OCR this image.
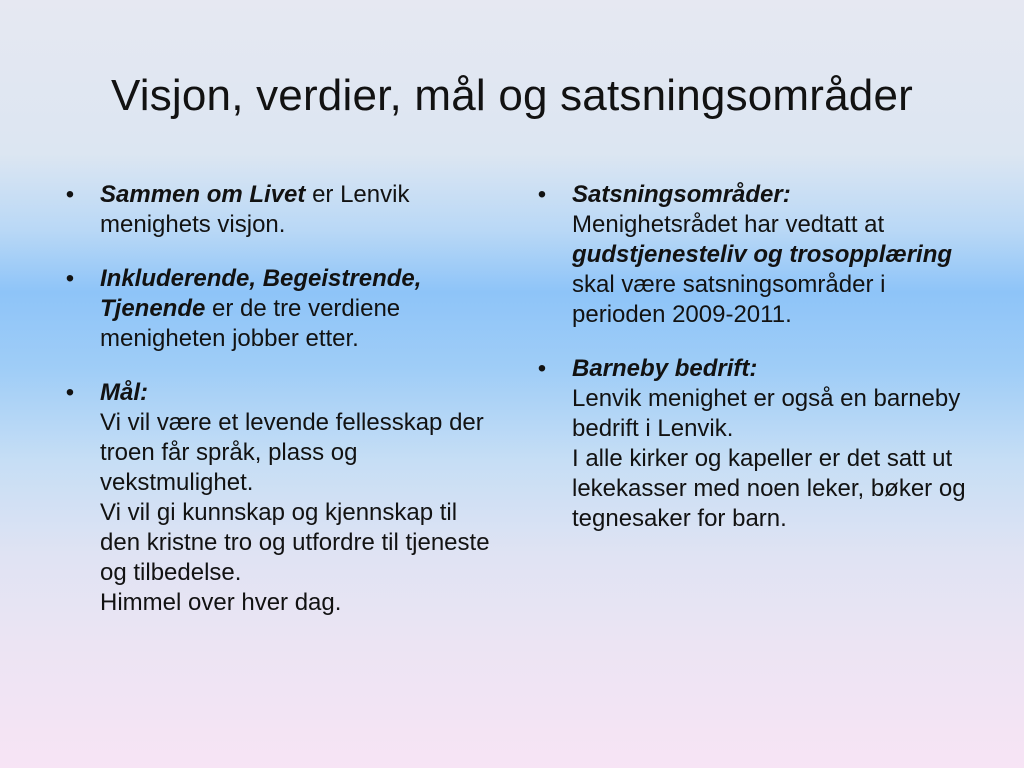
Visjon, verdier, mål og satsningsområder
• Sammen om Livet er Lenvik menighets visjon.
• Inkluderende, Begeistrende, Tjenende er de tre verdiene menigheten jobber etter.
• Mål:
Vi vil være et levende fellesskap der troen får språk, plass og vekstmulighet.
Vi vil gi kunnskap og kjennskap til den kristne tro og utfordre til tjeneste og tilbedelse.
Himmel over hver dag.
• Satsningsområder:
Menighetsrådet har vedtatt at gudstjenesteliv og trosopplæring skal være satsningsområder i perioden 2009-2011.
• Barneby bedrift:
Lenvik menighet er også en barneby bedrift i Lenvik.
I alle kirker og kapeller er det satt ut lekekasser med noen leker, bøker og tegnesaker for barn.
